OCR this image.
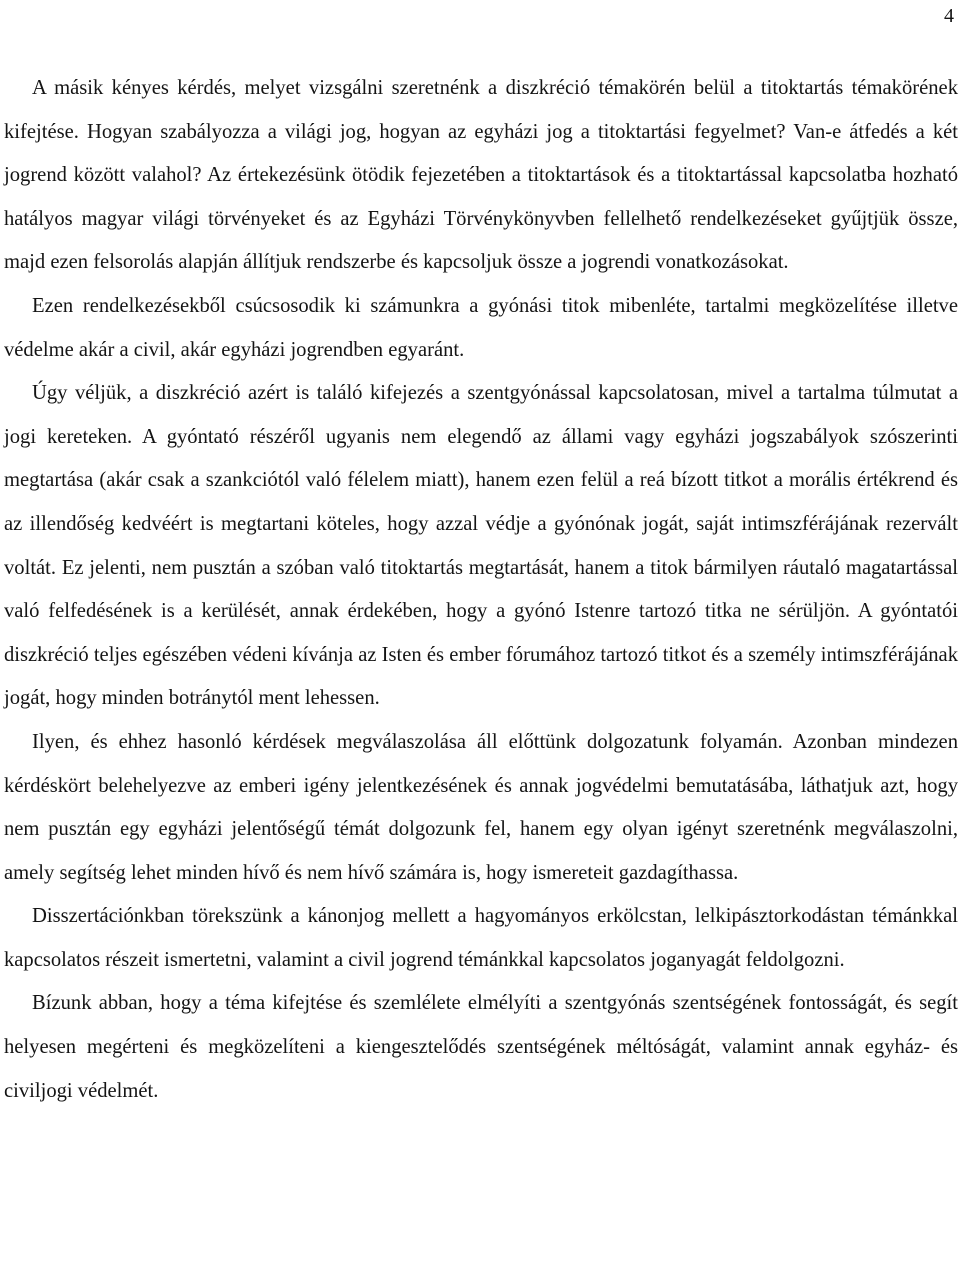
4

A másik kényes kérdés, melyet vizsgálni szeretnénk a diszkréció témakörén belül a titoktartás témakörének kifejtése. Hogyan szabályozza a világi jog, hogyan az egyházi jog a titoktartási fegyelmet? Van-e átfedés a két jogrend között valahol? Az értekezésünk ötödik fejezetében a titoktartások és a titoktartással kapcsolatba hozható hatályos magyar világi törvényeket és az Egyházi Törvénykönyvben fellelhető rendelkezéseket gyűjtjük össze, majd ezen felsorolás alapján állítjuk rendszerbe és kapcsoljuk össze a jogrendi vonatkozásokat.

Ezen rendelkezésekből csúcsosodik ki számunkra a gyónási titok mibenléte, tartalmi megközelítése illetve védelme akár a civil, akár egyházi jogrendben egyaránt.

Úgy véljük, a diszkréció azért is találó kifejezés a szentgyónással kapcsolatosan, mivel a tartalma túlmutat a jogi kereteken. A gyóntató részéről ugyanis nem elegendő az állami vagy egyházi jogszabályok szószerinti megtartása (akár csak a szankciótól való félelem miatt), hanem ezen felül a reá bízott titkot a morális értékrend és az illendőség kedvéért is megtartani köteles, hogy azzal védje a gyónónak jogát, saját intimszférájának rezervált voltát. Ez jelenti, nem pusztán a szóban való titoktartás megtartását, hanem a titok bármilyen ráutaló magatartással való felfedésének is a kerülését, annak érdekében, hogy a gyónó Istenre tartozó titka ne sérüljön. A gyóntatói diszkréció teljes egészében védeni kívánja az Isten és ember fórumához tartozó titkot és a személy intimszférájának jogát, hogy minden botránytól ment lehessen.

Ilyen, és ehhez hasonló kérdések megválaszolása áll előttünk dolgozatunk folyamán. Azonban mindezen kérdéskört belehelyezve az emberi igény jelentkezésének és annak jogvédelmi bemutatásába, láthatjuk azt, hogy nem pusztán egy egyházi jelentőségű témát dolgozunk fel, hanem egy olyan igényt szeretnénk megválaszolni, amely segítség lehet minden hívő és nem hívő számára is, hogy ismereteit gazdagíthassa.

Disszertációnkban törekszünk a kánonjog mellett a hagyományos erkölcstan, lelkipásztorkodástan témánkkal kapcsolatos részeit ismertetni, valamint a civil jogrend témánkkal kapcsolatos joganyagát feldolgozni.

Bízunk abban, hogy a téma kifejtése és szemlélete elmélyíti a szentgyónás szentségének fontosságát, és segít helyesen megérteni és megközelíteni a kiengesztelődés szentségének méltóságát, valamint annak egyház- és civiljogi védelmét.
